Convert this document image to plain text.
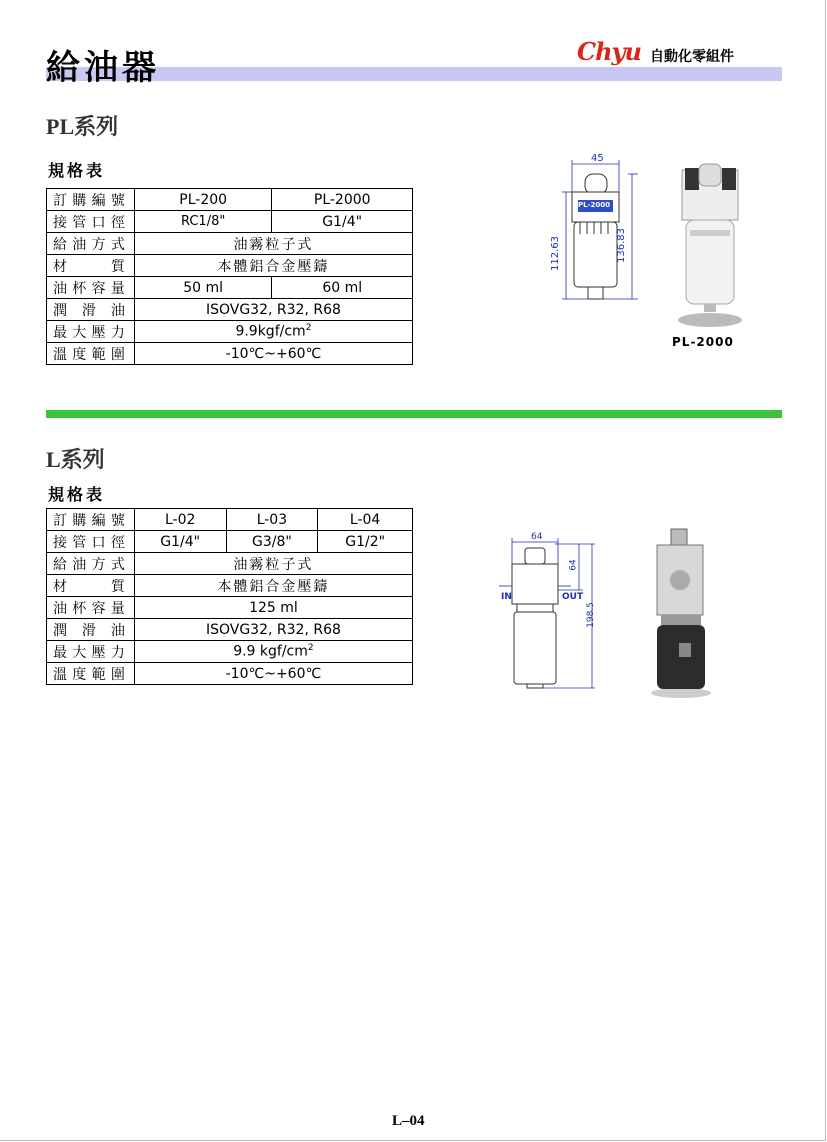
給油器	Chyu 自動化零組件
PL系列
規格表
訂購編號	PL-200	PL-2000
接管口徑	RC1/8"	G1/4"
給油方式	油霧粒子式	
材　　質	本體鋁合金壓鑄	
油杯容量	50 ml	60 ml
潤 滑 油	ISOVG32, R32, R68	
最大壓力	$9.9kgf/cm^2$
溫度範圍	-10℃~+60℃	
45
PL-2000
112.63	136.83
PL-2000
L系列
規格表
訂購編號	L-02	L-03	L-04
接管口徑	G1/4"	G3/8"	G1/2"
給油方式	油霧粒子式		
材　　質	本體鋁合金壓鑄		
油杯容量	125 ml		
潤 滑 油	ISOVG32, R32, R68		
最大壓力	9.9 kgf/$cm^2$
溫度範圍	-10℃~+60℃		
64
64
198.5
IN	OUT
L–04
